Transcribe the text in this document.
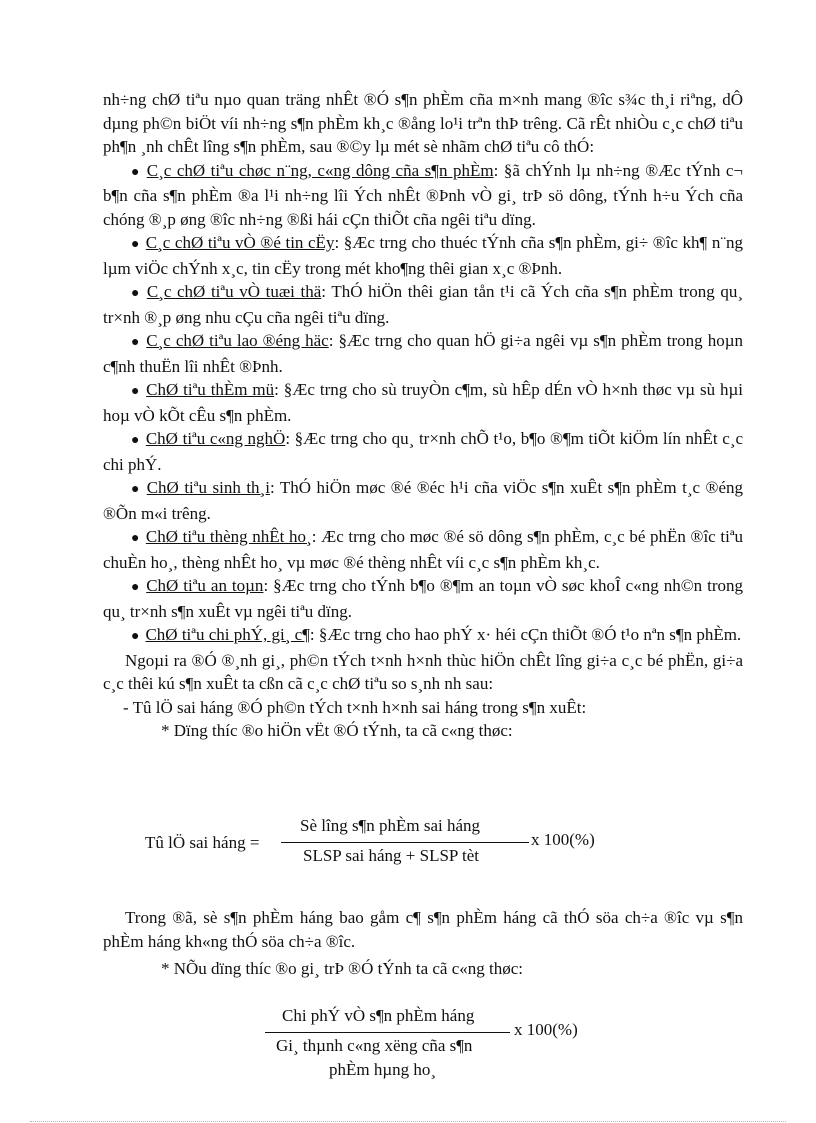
nh÷ng chØ tiªu nµo quan träng nhÊt ®Ó s¶n phÈm cña m×nh mang ®îc s¾c th¸i riªng, dÔ dµng ph©n biÖt víi nh÷ng s¶n phÈm kh¸c ®ång lo¹i trªn thÞ trêng. Cã rÊt nhiÒu c¸c chØ tiªu ph¶n ¸nh chÊt lîng s¶n phÈm, sau ®©y lµ mét sè nhãm chØ tiªu cô thÓ:

● C¸c chØ tiªu chøc n¨ng, c«ng dông cña s¶n phÈm: §ã chÝnh lµ nh÷ng ®Æc tÝnh c¬ b¶n cña s¶n phÈm ®a l¹i nh÷ng lîi Ých nhÊt ®Þnh vÒ gi¸ trÞ sö dông, tÝnh h÷u Ých cña chóng ®¸p øng ®îc nh÷ng ®ßi hái cÇn thiÕt cña ngêi tiªu dïng.

● C¸c chØ tiªu vÒ ®é tin cËy: §Æc trng cho thuéc tÝnh cña s¶n phÈm, gi÷ ®îc kh¶ n¨ng lµm viÖc chÝnh x¸c, tin cËy trong mét kho¶ng thêi gian x¸c ®Þnh.

● C¸c chØ tiªu vÒ tuæi thä: ThÓ hiÖn thêi gian tån t¹i cã Ých cña s¶n phÈm trong qu¸ tr×nh ®¸p øng nhu cÇu cña ngêi tiªu dïng.

● C¸c chØ tiªu lao ®éng häc: §Æc trng cho quan hÖ gi÷a ngêi vµ s¶n phÈm trong hoµn c¶nh thuËn lîi nhÊt ®Þnh.

● ChØ tiªu thÈm mü: §Æc trng cho sù truyÒn c¶m, sù hÊp dÉn vÒ h×nh thøc vµ sù hµi hoµ vÒ kÕt cÊu s¶n phÈm.

● ChØ tiªu c«ng nghÖ: §Æc trng cho qu¸ tr×nh chÕ t¹o, b¶o ®¶m tiÕt kiÖm lín nhÊt c¸c chi phÝ.

● ChØ tiªu sinh th¸i: ThÓ hiÖn møc ®é ®éc h¹i cña viÖc s¶n xuÊt s¶n phÈm t¸c ®éng ®Õn m«i trêng.

● ChØ tiªu thèng nhÊt ho¸: Æc trng cho møc ®é sö dông s¶n phÈm, c¸c bé phËn ®îc tiªu chuÈn ho¸, thèng nhÊt ho¸ vµ møc ®é thèng nhÊt víi c¸c s¶n phÈm kh¸c.

● ChØ tiªu an toµn: §Æc trng cho tÝnh b¶o ®¶m an toµn vÒ søc khoÎ c«ng nh©n trong qu¸ tr×nh s¶n xuÊt vµ ngêi tiªu dïng.

● ChØ tiªu chi phÝ, gi¸ c¶: §Æc trng cho hao phÝ x· héi cÇn thiÕt ®Ó t¹o nªn s¶n phÈm.

Ngoµi ra ®Ó ®¸nh gi¸, ph©n tÝch t×nh h×nh thùc hiÖn chÊt lîng gi÷a c¸c bé phËn, gi÷a c¸c thêi kú s¶n xuÊt ta cßn cã c¸c chØ tiªu so s¸nh nh sau:

- Tû lÖ sai háng ®Ó ph©n tÝch t×nh h×nh sai háng trong s¶n xuÊt:

* Dïng thíc ®o hiÖn vËt ®Ó tÝnh, ta cã c«ng thøc:

Tû lÖ sai háng =
Sè lîng s¶n phÈm sai háng
SLSP sai háng + SLSP tèt
x 100(%)

Trong ®ã, sè s¶n phÈm háng bao gåm c¶ s¶n phÈm háng cã thÓ söa ch÷a ®îc vµ s¶n phÈm háng kh«ng thÓ söa ch÷a ®îc.

* NÕu dïng thíc ®o gi¸ trÞ ®Ó tÝnh ta cã c«ng thøc:

Chi phÝ vÒ s¶n phÈm háng
x 100(%)
Gi¸ thµnh c«ng xëng cña s¶n
phÈm hµng ho¸
